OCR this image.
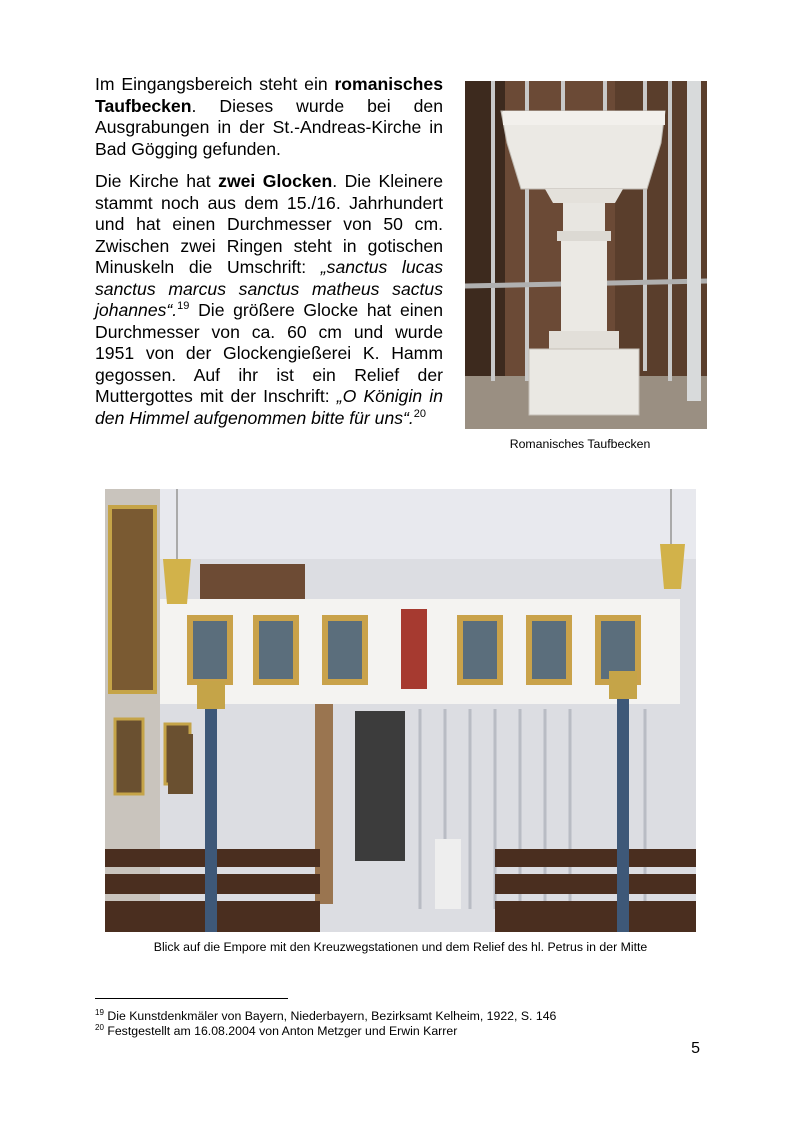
Im Eingangsbereich steht ein romanisches Taufbecken. Dieses wurde bei den Ausgrabungen in der St.-Andreas-Kirche in Bad Gögging gefunden.

Die Kirche hat zwei Glocken. Die Kleinere stammt noch aus dem 15./16. Jahrhundert und hat einen Durchmesser von 50 cm. Zwischen zwei Ringen steht in gotischen Minuskeln die Umschrift: „sanctus lucas sanctus marcus sanctus matheus sactus johannes“.$^{19}$ Die größere Glocke hat einen Durchmesser von ca. 60 cm und wurde 1951 von der Glockengießerei K. Hamm gegossen. Auf ihr ist ein Relief der Muttergottes mit der Inschrift: „O Königin in den Himmel aufgenommen bitte für uns“.$^{20}$

Romanisches Taufbecken
Blick auf die Empore mit den Kreuzwegstationen und dem Relief des hl. Petrus in der Mitte
$^{19}$ Die Kunstdenkmäler von Bayern, Niederbayern, Bezirksamt Kelheim, 1922, S. 146
$^{20}$ Festgestellt am 16.08.2004 von Anton Metzger und Erwin Karrer
5
